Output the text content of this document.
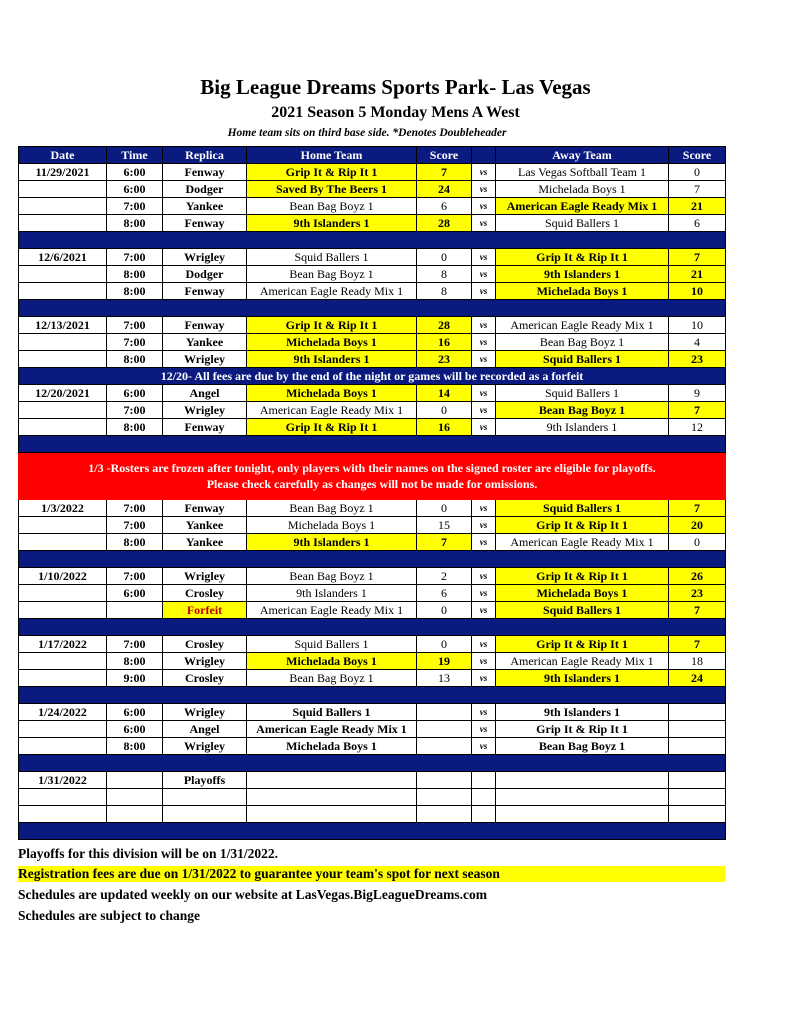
Big League Dreams Sports Park- Las Vegas
2021 Season 5 Monday Mens A West
Home team sits on third base side. *Denotes Doubleheader
Date	Time	Replica	Home Team	Score		Away Team	Score
11/29/2021	6:00	Fenway	Grip It & Rip It 1	7	vs	Las Vegas Softball Team 1	0
	6:00	Dodger	Saved By The Beers 1	24	vs	Michelada Boys 1	7
	7:00	Yankee	Bean Bag Boyz 1	6	vs	American Eagle Ready Mix 1	21
	8:00	Fenway	9th Islanders 1	28	vs	Squid Ballers 1	6

12/6/2021	7:00	Wrigley	Squid Ballers 1	0	vs	Grip It & Rip It 1	7
	8:00	Dodger	Bean Bag Boyz 1	8	vs	9th Islanders 1	21
	8:00	Fenway	American Eagle Ready Mix 1	8	vs	Michelada Boys 1	10

12/13/2021	7:00	Fenway	Grip It & Rip It 1	28	vs	American Eagle Ready Mix 1	10
	7:00	Yankee	Michelada Boys 1	16	vs	Bean Bag Boyz 1	4
	8:00	Wrigley	9th Islanders 1	23	vs	Squid Ballers 1	23
12/20- All fees are due by the end of the night or games will be recorded as a forfeit							
12/20/2021	6:00	Angel	Michelada Boys 1	14	vs	Squid Ballers 1	9
	7:00	Wrigley	American Eagle Ready Mix 1	0	vs	Bean Bag Boyz 1	7
	8:00	Fenway	Grip It & Rip It 1	16	vs	9th Islanders 1	12

1/3 -Rosters are frozen after tonight, only players with their names on the signed roster are eligible for playoffs.
Please check carefully as changes will not be made for omissions.							

1/3/2022	7:00	Fenway	Bean Bag Boyz 1	0	vs	Squid Ballers 1	7
	7:00	Yankee	Michelada Boys 1	15	vs	Grip It & Rip It 1	20
	8:00	Yankee	9th Islanders 1	7	vs	American Eagle Ready Mix 1	0

1/10/2022	7:00	Wrigley	Bean Bag Boyz 1	2	vs	Grip It & Rip It 1	26
	6:00	Crosley	9th Islanders 1	6	vs	Michelada Boys 1	23
		Forfeit	American Eagle Ready Mix 1	0	vs	Squid Ballers 1	7

1/17/2022	7:00	Crosley	Squid Ballers 1	0	vs	Grip It & Rip It 1	7
	8:00	Wrigley	Michelada Boys 1	19	vs	American Eagle Ready Mix 1	18
	9:00	Crosley	Bean Bag Boyz 1	13	vs	9th Islanders 1	24

1/24/2022	6:00	Wrigley	Squid Ballers 1		vs	9th Islanders 1	
	6:00	Angel	American Eagle Ready Mix 1		vs	Grip It & Rip It 1	
	8:00	Wrigley	Michelada Boys 1		vs	Bean Bag Boyz 1	

1/31/2022		Playoffs					

Playoffs for this division will be on 1/31/2022.
Registration fees are due on 1/31/2022 to guarantee your team's spot for next season
Schedules are updated weekly on our website at LasVegas.BigLeagueDreams.com
Schedules are subject to change
